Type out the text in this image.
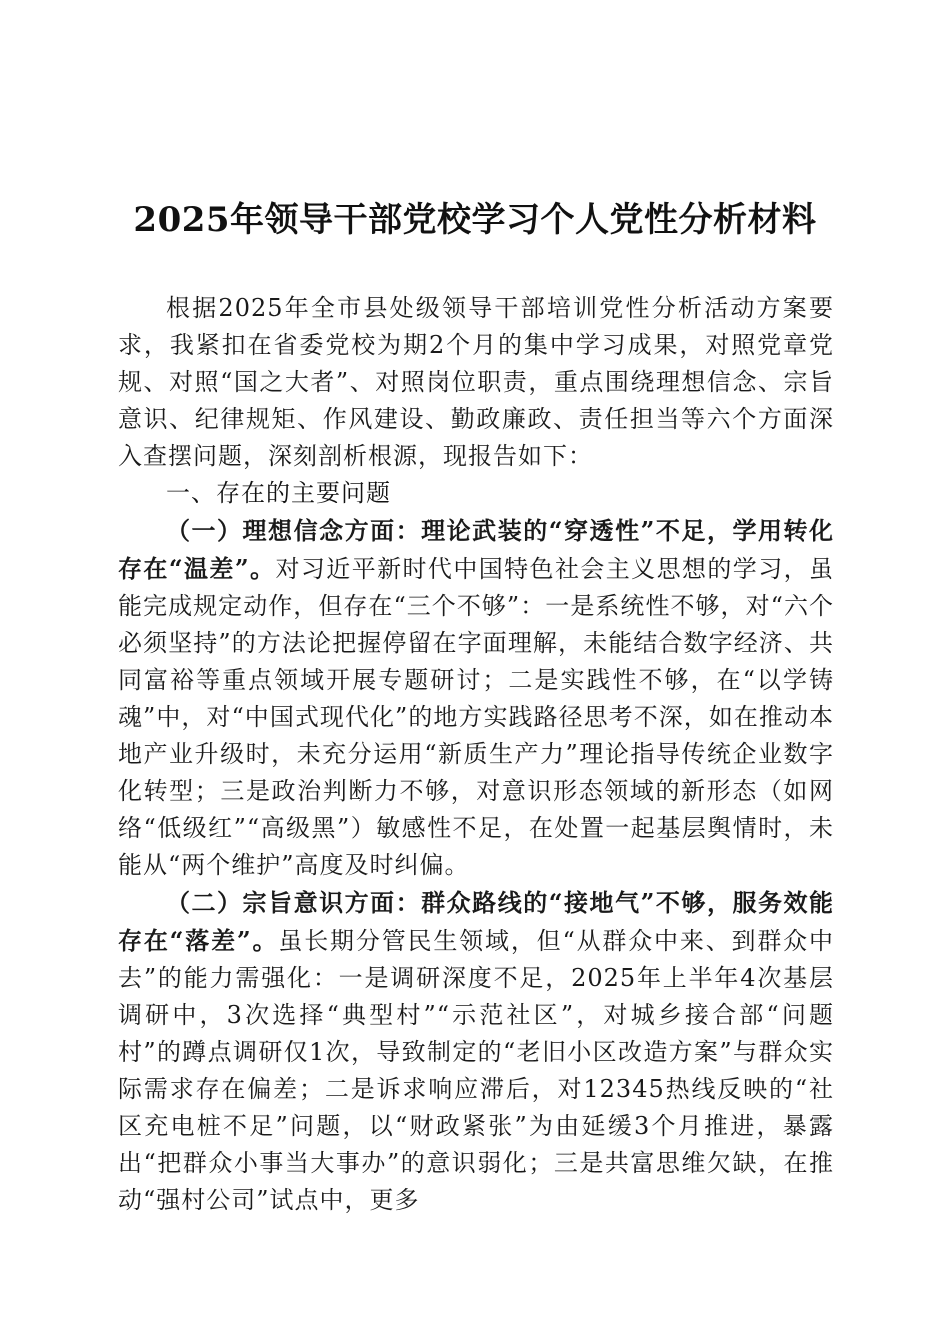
2025年领导干部党校学习个人党性分析材料

根据2025年全市县处级领导干部培训党性分析活动方案要求，我紧扣在省委党校为期2个月的集中学习成果，对照党章党规、对照“国之大者”、对照岗位职责，重点围绕理想信念、宗旨意识、纪律规矩、作风建设、勤政廉政、责任担当等六个方面深入查摆问题，深刻剖析根源，现报告如下：

一、存在的主要问题

（一）理想信念方面：理论武装的“穿透性”不足，学用转化存在“温差”。对习近平新时代中国特色社会主义思想的学习，虽能完成规定动作，但存在“三个不够”：一是系统性不够，对“六个必须坚持”的方法论把握停留在字面理解，未能结合数字经济、共同富裕等重点领域开展专题研讨；二是实践性不够，在“以学铸魂”中，对“中国式现代化”的地方实践路径思考不深，如在推动本地产业升级时，未充分运用“新质生产力”理论指导传统企业数字化转型；三是政治判断力不够，对意识形态领域的新形态（如网络“低级红”“高级黑”）敏感性不足，在处置一起基层舆情时，未能从“两个维护”高度及时纠偏。

（二）宗旨意识方面：群众路线的“接地气”不够，服务效能存在“落差”。虽长期分管民生领域，但“从群众中来、到群众中去”的能力需强化：一是调研深度不足，2025年上半年4次基层调研中，3次选择“典型村”“示范社区”，对城乡接合部“问题村”的蹲点调研仅1次，导致制定的“老旧小区改造方案”与群众实际需求存在偏差；二是诉求响应滞后，对12345热线反映的“社区充电桩不足”问题，以“财政紧张”为由延缓3个月推进，暴露出“把群众小事当大事办”的意识弱化；三是共富思维欠缺，在推动“强村公司”试点中，更多
